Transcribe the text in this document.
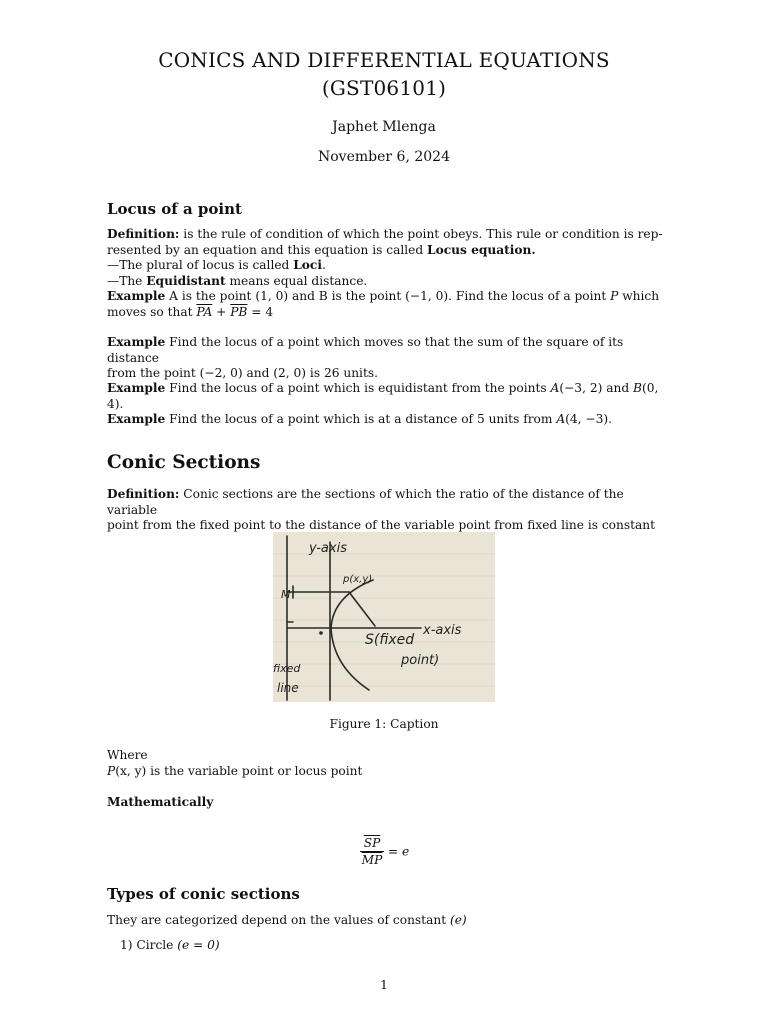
CONICS AND DIFFERENTIAL EQUATIONS
(GST06101)
Japhet Mlenga
November 6, 2024
Locus of a point
Definition: is the rule of condition of which the point obeys. This rule or condition is rep-
resented by an equation and this equation is called Locus equation.
—The plural of locus is called Loci.
—The Equidistant means equal distance.
Example A is the point (1, 0) and B is the point (−1, 0). Find the locus of a point P which
moves so that $\overline{PA} + \overline{PB} = 4$
Example Find the locus of a point which moves so that the sum of the square of its distance
from the point (−2, 0) and (2, 0) is 26 units.
Example Find the locus of a point which is equidistant from the points A(−3, 2) and B(0, 4).
Example Find the locus of a point which is at a distance of 5 units from A(4, −3).
Conic Sections
Definition: Conic sections are the sections of which the ratio of the distance of the variable
point from the fixed point to the distance of the variable point from fixed line is constant
y-axis
p(x,y)
M
x-axis
S(fixed
point)
fixed
line
Figure 1: Caption
Where
P(x, y) is the variable point or locus point
Mathematically
$\frac{\overline{SP}}{MP} = e$
Types of conic sections
They are categorized depend on the values of constant (e)
1) Circle (e = 0)
1
